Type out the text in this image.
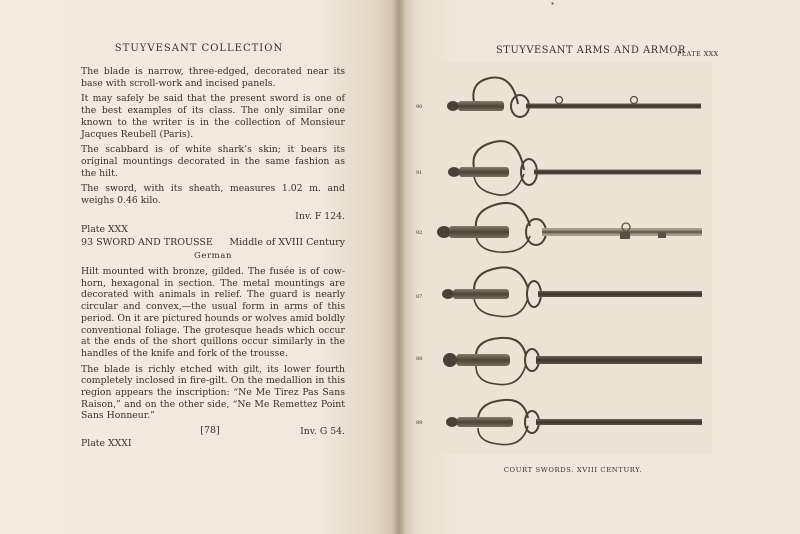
STUYVESANT COLLECTION

The blade is narrow, three-edged, decorated near its base with scroll-work and incised panels.

It may safely be said that the present sword is one of the best examples of its class. The only similar one known to the writer is in the collection of Monsieur Jacques Reubell (Paris).

The scabbard is of white shark’s skin; it bears its original mountings decorated in the same fashion as the hilt.

The sword, with its sheath, measures 1.02 m. and weighs 0.46 kilo.

Inv. F 124.
Plate XXX
93 SWORD AND TROUSSE Middle of XVIII Century
German

Hilt mounted with bronze, gilded. The fusée is of cow-horn, hexagonal in section. The metal mountings are decorated with animals in relief. The guard is nearly circular and convex,—the usual form in arms of this period. On it are pictured hounds or wolves amid boldly conventional foliage. The grotesque heads which occur at the ends of the short quillons occur similarly in the handles of the knife and fork of the trousse.

The blade is richly etched with gilt, its lower fourth completely inclosed in fire-gilt. On the medallion in this region appears the inscription: “Ne Me Tirez Pas Sans Raison,” and on the other side, “Ne Me Remettez Point Sans Honneur.”

Inv. G 54.
Plate XXXI
[78]
*
STUYVESANT ARMS AND ARMOR
PLATE XXX
90
91
92
87
88
89
COURT SWORDS. XVIII CENTURY.
